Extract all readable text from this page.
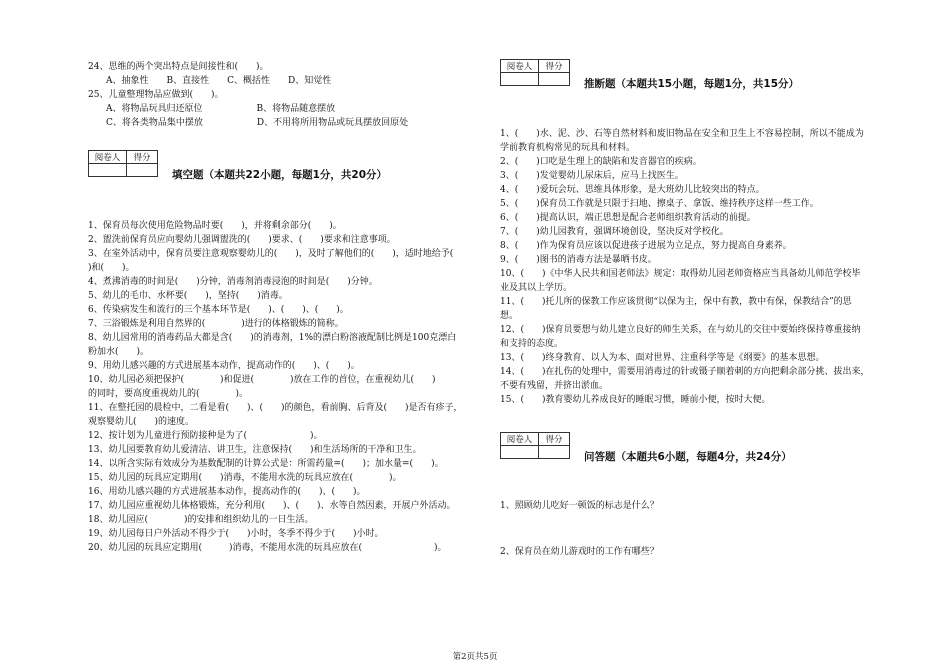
24、思维的两个突出特点是间接性和(　　)。
A、抽象性　　B、直接性　　C、概括性　　D、知觉性
25、儿童整理物品应做到(　　)。
A、将物品玩具归还原位　　　　　　B、将物品随意摆放
C、将各类物品集中摆放　　　　　　D、不用将所用物品或玩具摆放回原处
阅卷人	得分

填空题（本题共22小题，每题1分，共20分）
1、保育员每次使用危险物品时要(　　)，并将剩余部分(　　)。
2、盥洗前保育员应向婴幼儿强调盥洗的(　　)要求、(　　)要求和注意事项。
3、在室外活动中，保育员要注意观察婴幼儿的(　　)，及时了解他们的(　　)，适时地给予(
)和(　　)。
4、煮沸消毒的时间是(　　)分钟，消毒剂消毒浸泡的时间是(　　)分钟。
5、幼儿的毛巾、水杯要(　　)，坚持(　　)消毒。
6、传染病发生和流行的三个基本环节是(　　)、(　　)、(　　)。
7、三浴锻炼是利用自然界的(　　　　)进行的体格锻炼的简称。
8、幼儿园常用的消毒药品大都是含(　　)的消毒剂，1%的漂白粉溶液配制比例是100克漂白
粉加水(　　)。
9、用幼儿感兴趣的方式进展基本动作，提高动作的(　　)、(　　)。
10、幼儿园必须把保护(　　　　)和促进(　　　　)放在工作的首位，在重视幼儿(　　)
的同时，要高度重视幼儿的(　　　　)。
11、在整托园的晨检中，二看是看(　　)、(　　)的颜色，看前胸、后背及(　　)是否有疹子，
观察婴幼儿(　　)的速度。
12、按计划为儿童进行预防接种是为了(　　　　　　　)。
13、幼儿园要教育幼儿爱清洁、讲卫生，注意保持(　　)和生活场所的干净和卫生。
14、以所含实际有效成分为基数配制的计算公式是：所需药量=(　　)；加水量=(　　)。
15、幼儿园的玩具应定期用(　　)消毒，不能用水洗的玩具应放在(　　　　)。
16、用幼儿感兴趣的方式进展基本动作，提高动作的(　　)、(　　)。
17、幼儿园应重视幼儿体格锻炼，充分利用(　　)、(　　)、水等自然因素，开展户外活动。
18、幼儿园应(　　　　)的安排和组织幼儿的一日生活。
19、幼儿园每日户外活动不得少于(　　)小时，冬季不得少于(　　)小时。
20、幼儿园的玩具应定期用(　　　)消毒，不能用水洗的玩具应放在(　　　　　　　　)。
阅卷人	得分

推断题（本题共15小题，每题1分，共15分）
1、(　　)水、泥、沙、石等自然材料和废旧物品在安全和卫生上不容易控制，所以不能成为
学前教育机构常见的玩具和材料。
2、(　　)口吃是生理上的缺陷和发音器官的疾病。
3、(　　)发觉婴幼儿尿床后，应马上找医生。
4、(　　)爱玩会玩、思维具体形象，是大班幼儿比较突出的特点。
5、(　　)保育员工作就是只限于扫地、擦桌子、拿饭、维持秩序这样一些工作。
6、(　　)提高认识，端正思想是配合老师组织教育活动的前提。
7、(　　)幼儿园教育，强调环境创设，坚决反对学校化。
8、(　　)作为保育员应该以促进孩子进展为立足点，努力提高自身素养。
9、(　　)图书的消毒方法是暴晒书皮。
10、(　　)《中华人民共和国老师法》规定：取得幼儿园老师资格应当具备幼儿师范学校毕
业及其以上学历。
11、(　　)托儿所的保教工作应该贯彻“以保为主，保中有教，教中有保，保教结合”的思
想。
12、(　　)保育员要想与幼儿建立良好的师生关系，在与幼儿的交往中要始终保持尊重接纳
和支持的态度。
13、(　　)终身教育、以人为本、面对世界、注重科学等是《纲要》的基本思想。
14、(　　)在扎伤的处理中，需要用消毒过的针或镊子顺着刺的方向把剩余部分挑、拔出来，
不要有残留，并挤出淤血。
15、(　　)教育婴幼儿养成良好的睡眠习惯，睡前小便，按时大便。
阅卷人	得分

问答题（本题共6小题，每题4分，共24分）
1、照顾幼儿吃好一顿饭的标志是什么？
2、保育员在幼儿游戏时的工作有哪些？
第2页共5页
